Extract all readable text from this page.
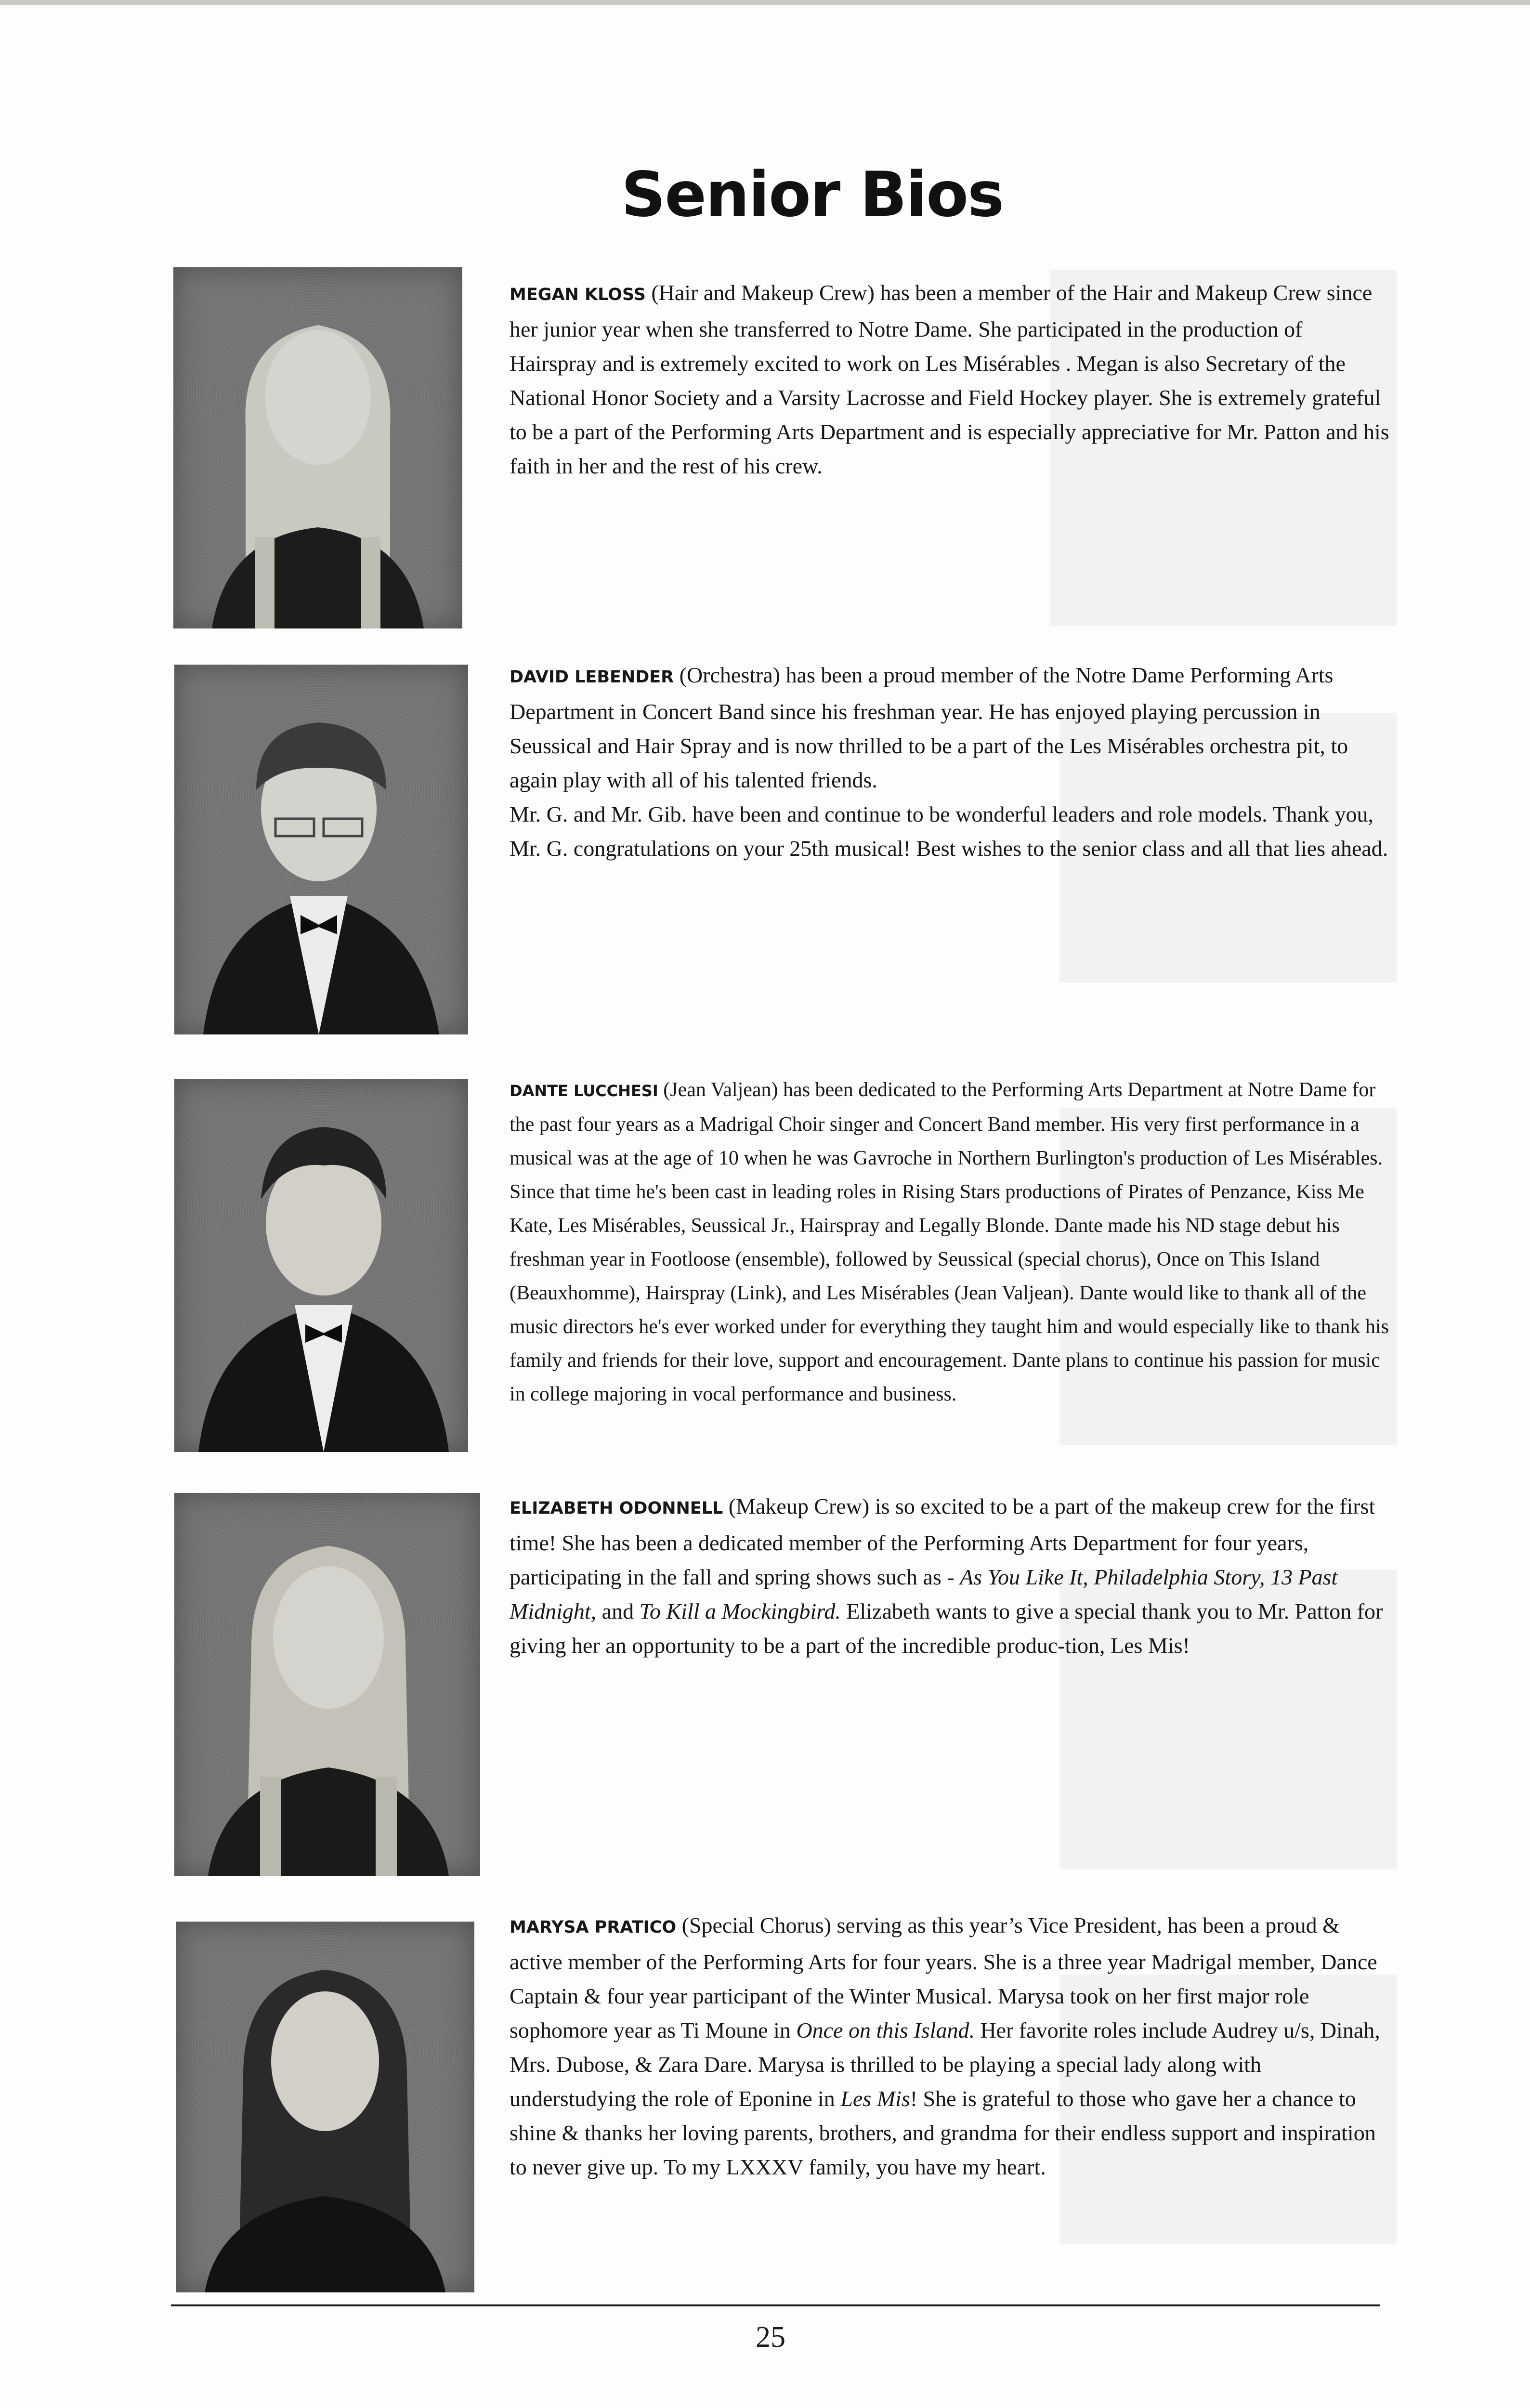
Senior Bios
MEGAN KLOSS (Hair and Makeup Crew) has been a member of the Hair and Makeup Crew since her junior year when she transferred to Notre Dame. She participated in the production of Hairspray and is extremely excited to work on Les Misérables . Megan is also Secretary of the National Honor Society and a Varsity Lacrosse and Field Hockey player. She is extremely grateful to be a part of the Performing Arts Department and is especially appreciative for Mr. Patton and his faith in her and the rest of his crew.
DAVID LEBENDER (Orchestra) has been a proud member of the Notre Dame Performing Arts Department in Concert Band since his freshman year. He has enjoyed playing percussion in Seussical and Hair Spray and is now thrilled to be a part of the Les Misérables orchestra pit, to again play with all of his talented friends.
Mr. G. and Mr. Gib. have been and continue to be wonderful leaders and role models. Thank you, Mr. G. congratulations on your 25th musical! Best wishes to the senior class and all that lies ahead.
DANTE LUCCHESI (Jean Valjean) has been dedicated to the Performing Arts Department at Notre Dame for the past four years as a Madrigal Choir singer and Concert Band member. His very first performance in a musical was at the age of 10 when he was Gavroche in Northern Burlington's production of Les Misérables. Since that time he's been cast in leading roles in Rising Stars productions of Pirates of Penzance, Kiss Me Kate, Les Misérables, Seussical Jr., Hairspray and Legally Blonde. Dante made his ND stage debut his freshman year in Footloose (ensemble), followed by Seussical (special chorus), Once on This Island (Beauxhomme), Hairspray (Link), and Les Misérables (Jean Valjean). Dante would like to thank all of the music directors he's ever worked under for everything they taught him and would especially like to thank his family and friends for their love, support and encouragement. Dante plans to continue his passion for music in college majoring in vocal performance and business.
ELIZABETH ODONNELL (Makeup Crew) is so excited to be a part of the makeup crew for the first time! She has been a dedicated member of the Performing Arts Department for four years, participating in the fall and spring shows such as - As You Like It, Philadelphia Story, 13 Past Midnight, and To Kill a Mockingbird. Elizabeth wants to give a special thank you to Mr. Patton for giving her an opportunity to be a part of the incredible produc-tion, Les Mis!
MARYSA PRATICO (Special Chorus) serving as this year’s Vice President, has been a proud & active member of the Performing Arts for four years. She is a three year Madrigal member, Dance Captain & four year participant of the Winter Musical. Marysa took on her first major role sophomore year as Ti Moune in Once on this Island. Her favorite roles include Audrey u/s, Dinah, Mrs. Dubose, & Zara Dare. Marysa is thrilled to be playing a special lady along with understudying the role of Eponine in Les Mis! She is grateful to those who gave her a chance to shine & thanks her loving parents, brothers, and grandma for their endless support and inspiration to never give up. To my LXXXV family, you have my heart.
25
